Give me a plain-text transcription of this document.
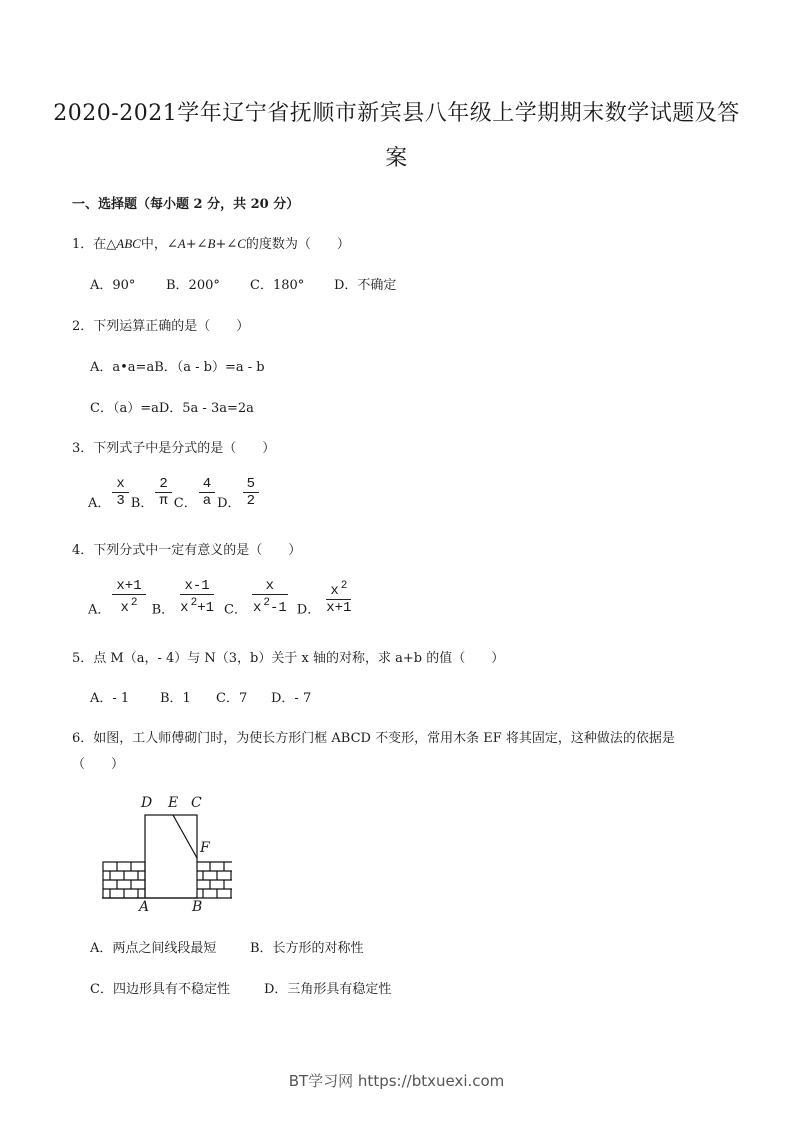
2020-2021学年辽宁省抚顺市新宾县八年级上学期期末数学试题及答
案
一、选择题（每小题 2 分，共 20 分）
1．在△ABC中，∠A+∠B+∠C的度数为（　　）
A．90° B．200° C．180° D．不确定
2．下列运算正确的是（　　）
A．a•a=aB．（a - b）=a - b
C．（a）=aD．5a - 3a=2a
3．下列式子中是分式的是（　　）
$_{A.} \frac{x}{3} _{B.} \frac{2}{\pi} _{C.} \frac{4}{a} _{D.} \frac{5}{2}$
4．下列分式中一定有意义的是（　　）
$_{A.} \frac{x+1}{x ^2} _{B.} \frac{x-1}{x ^2+1} _{C.} \frac{x}{x ^2-1} _{D.} \frac{x ^2}{x+1}$
5．点 M（a，- 4）与 N（3，b）关于 x 轴的对称，求 a+b 的值（　　）
A．- 1 B．1 C．7 D．- 7
6．如图，工人师傅砌门时，为使长方形门框 ABCD 不变形，常用木条 EF 将其固定，这种做法的依据是
（　　）
D E C
F
A	B
A．两点之间线段最短	B．长方形的对称性
C．四边形具有不稳定性	D．三角形具有稳定性
BT学习网 https://btxuexi.com
